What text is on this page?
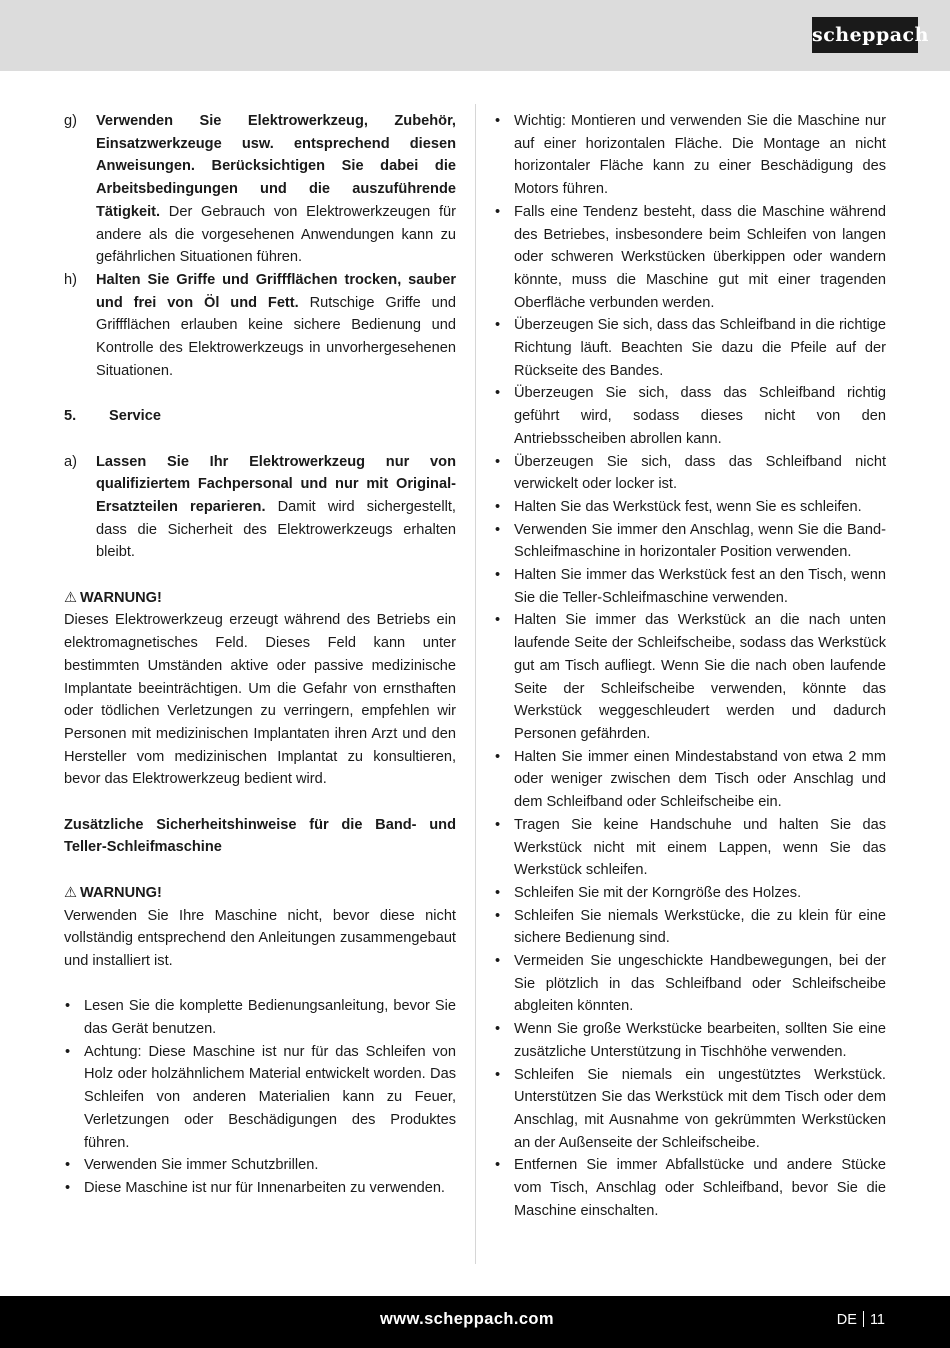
scheppach
g) Verwenden Sie Elektrowerkzeug, Zubehör, Einsatzwerkzeuge usw. entsprechend diesen Anweisungen. Berücksichtigen Sie dabei die Arbeitsbedingungen und die auszuführende Tätigkeit. Der Gebrauch von Elektrowerkzeugen für andere als die vorgesehenen Anwendungen kann zu gefährlichen Situationen führen.
h) Halten Sie Griffe und Griffflächen trocken, sauber und frei von Öl und Fett. Rutschige Griffe und Griffflächen erlauben keine sichere Bedienung und Kontrolle des Elektrowerkzeugs in unvorhergesehenen Situationen.
5. Service
a) Lassen Sie Ihr Elektrowerkzeug nur von qualifiziertem Fachpersonal und nur mit Original-Ersatzteilen reparieren. Damit wird sichergestellt, dass die Sicherheit des Elektrowerkzeugs erhalten bleibt.
⚠ WARNUNG!

Dieses Elektrowerkzeug erzeugt während des Betriebs ein elektromagnetisches Feld. Dieses Feld kann unter bestimmten Umständen aktive oder passive medizinische Implantate beeinträchtigen. Um die Gefahr von ernsthaften oder tödlichen Verletzungen zu verringern, empfehlen wir Personen mit medizinischen Implantaten ihren Arzt und den Hersteller vom medizinischen Implantat zu konsultieren, bevor das Elektrowerkzeug bedient wird.

Zusätzliche Sicherheitshinweise für die Band- und Teller-Schleifmaschine
⚠ WARNUNG!

Verwenden Sie Ihre Maschine nicht, bevor diese nicht vollständig entsprechend den Anleitungen zusammengebaut und installiert ist.

• Lesen Sie die komplette Bedienungsanleitung, bevor Sie das Gerät benutzen.
• Achtung: Diese Maschine ist nur für das Schleifen von Holz oder holzähnlichem Material entwickelt worden. Das Schleifen von anderen Materialien kann zu Feuer, Verletzungen oder Beschädigungen des Produktes führen.
• Verwenden Sie immer Schutzbrillen.
• Diese Maschine ist nur für Innenarbeiten zu verwenden.
• Wichtig: Montieren und verwenden Sie die Maschine nur auf einer horizontalen Fläche. Die Montage an nicht horizontaler Fläche kann zu einer Beschädigung des Motors führen.
• Falls eine Tendenz besteht, dass die Maschine während des Betriebes, insbesondere beim Schleifen von langen oder schweren Werkstücken überkippen oder wandern könnte, muss die Maschine gut mit einer tragenden Oberfläche verbunden werden.
• Überzeugen Sie sich, dass das Schleifband in die richtige Richtung läuft. Beachten Sie dazu die Pfeile auf der Rückseite des Bandes.
• Überzeugen Sie sich, dass das Schleifband richtig geführt wird, sodass dieses nicht von den Antriebsscheiben abrollen kann.
• Überzeugen Sie sich, dass das Schleifband nicht verwickelt oder locker ist.
• Halten Sie das Werkstück fest, wenn Sie es schleifen.
• Verwenden Sie immer den Anschlag, wenn Sie die Band-Schleifmaschine in horizontaler Position verwenden.
• Halten Sie immer das Werkstück fest an den Tisch, wenn Sie die Teller-Schleifmaschine verwenden.
• Halten Sie immer das Werkstück an die nach unten laufende Seite der Schleifscheibe, sodass das Werkstück gut am Tisch aufliegt. Wenn Sie die nach oben laufende Seite der Schleifscheibe verwenden, könnte das Werkstück weggeschleudert werden und dadurch Personen gefährden.
• Halten Sie immer einen Mindestabstand von etwa 2 mm oder weniger zwischen dem Tisch oder Anschlag und dem Schleifband oder Schleifscheibe ein.
• Tragen Sie keine Handschuhe und halten Sie das Werkstück nicht mit einem Lappen, wenn Sie das Werkstück schleifen.
• Schleifen Sie mit der Korngröße des Holzes.
• Schleifen Sie niemals Werkstücke, die zu klein für eine sichere Bedienung sind.
• Vermeiden Sie ungeschickte Handbewegungen, bei der Sie plötzlich in das Schleifband oder Schleifscheibe abgleiten könnten.
• Wenn Sie große Werkstücke bearbeiten, sollten Sie eine zusätzliche Unterstützung in Tischhöhe verwenden.
• Schleifen Sie niemals ein ungestütztes Werkstück. Unterstützen Sie das Werkstück mit dem Tisch oder dem Anschlag, mit Ausnahme von gekrümmten Werkstücken an der Außenseite der Schleifscheibe.
• Entfernen Sie immer Abfallstücke und andere Stücke vom Tisch, Anschlag oder Schleifband, bevor Sie die Maschine einschalten.
www.scheppach.com	DE 11
